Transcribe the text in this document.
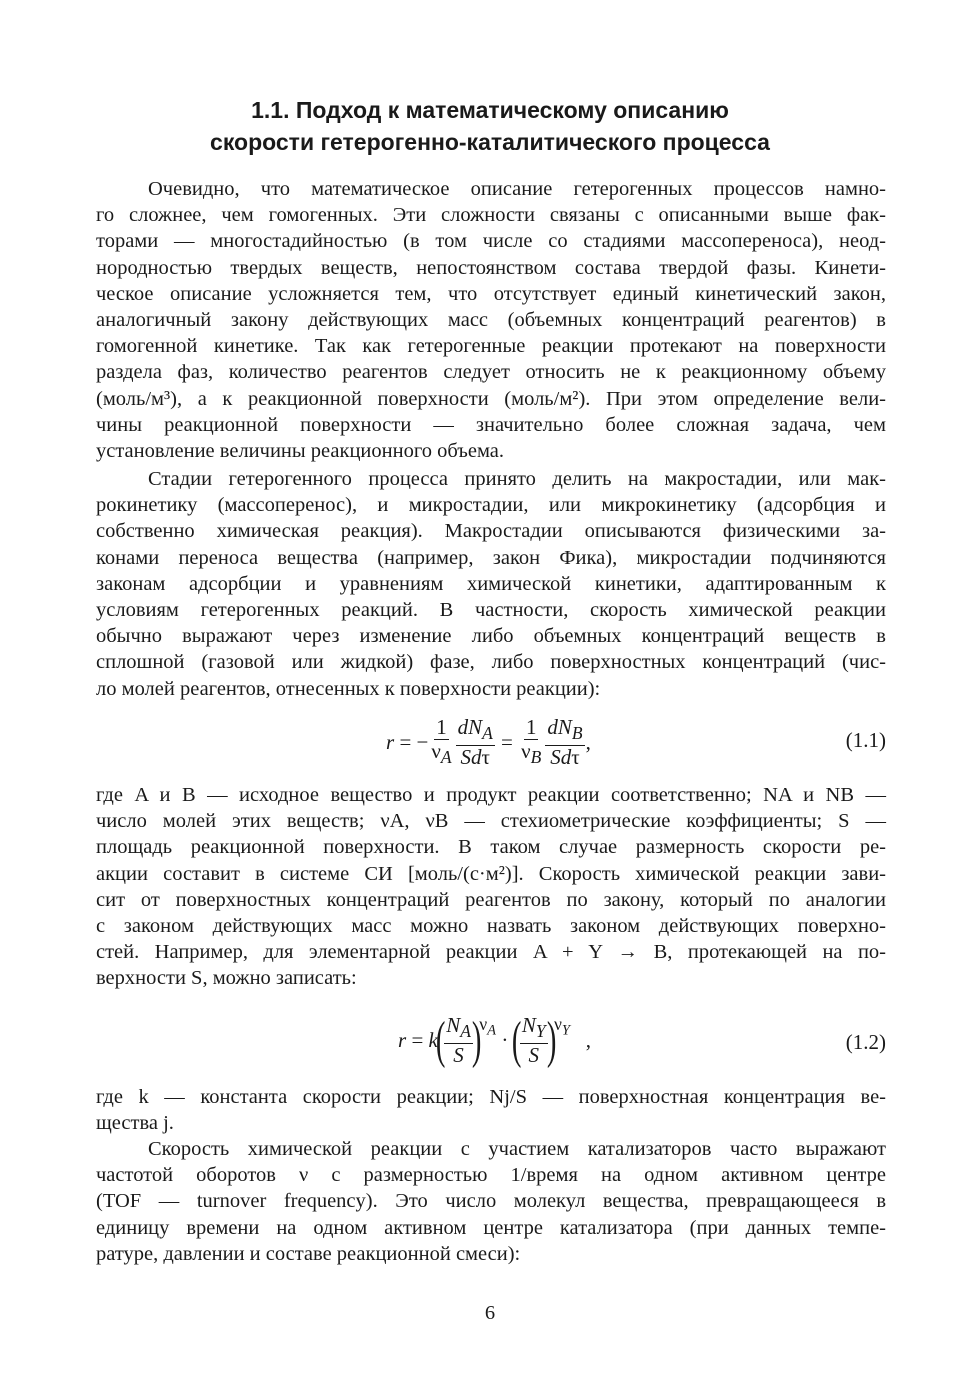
1.1. Подход к математическому описанию
скорости гетерогенно-каталитического процесса
Очевидно, что математическое описание гетерогенных процессов намно-
го сложнее, чем гомогенных. Эти сложности связаны с описанными выше фак-
торами — многостадийностью (в том числе со стадиями массопереноса), неод-
нородностью твердых веществ, непостоянством состава твердой фазы. Кинети-
ческое описание усложняется тем, что отсутствует единый кинетический закон,
аналогичный закону действующих масс (объемных концентраций реагентов) в
гомогенной кинетике. Так как гетерогенные реакции протекают на поверхности
раздела фаз, количество реагентов следует относить не к реакционному объему
(моль/м³), а к реакционной поверхности (моль/м²). При этом определение вели-
чины реакционной поверхности — значительно более сложная задача, чем
установление величины реакционного объема.
Стадии гетерогенного процесса принято делить на макростадии, или мак-
рокинетику (массоперенос), и микростадии, или микрокинетику (адсорбция и
собственно химическая реакция). Макростадии описываются физическими за-
конами переноса вещества (например, закон Фика), микростадии подчиняются
законам адсорбции и уравнениям химической кинетики, адаптированным к
условиям гетерогенных реакций. В частности, скорость химической реакции
обычно выражают через изменение либо объемных концентраций веществ в
сплошной (газовой или жидкой) фазе, либо поверхностных концентраций (чис-
ло молей реагентов, отнесенных к поверхности реакции):
где A и B — исходное вещество и продукт реакции соответственно; NA и NB —
число молей этих веществ; νA, νB — стехиометрические коэффициенты; S —
площадь реакционной поверхности. В таком случае размерность скорости ре-
акции составит в системе СИ [моль/(с·м²)]. Скорость химической реакции зави-
сит от поверхностных концентраций реагентов по закону, который по аналогии
с законом действующих масс можно назвать законом действующих поверхно-
стей. Например, для элементарной реакции A + Y → B, протекающей на по-
верхности S, можно записать:
где k — константа скорости реакции; Nj/S — поверхностная концентрация ве-
щества j.
Скорость химической реакции с участием катализаторов часто выражают
частотой оборотов ν с размерностью 1/время на одном активном центре
(TOF — turnover frequency). Это число молекул вещества, превращающееся в
единицу времени на одном активном центре катализатора (при данных темпе-
ратуре, давлении и составе реакционной смеси):
r = − $\frac{1}{\nu_A} \frac{dN_A}{\text{Sdτ}} = \frac{1}{\nu_B} \frac{dN_B}{\text{Sdτ}}$ ,	(1.1)
r = k
(
$\frac{N_A}{S}$
)
$\nu_A$ ·
(
$\frac{N_Y}{S}$
)
$\nu_Y$ ,	(1.2)
6
